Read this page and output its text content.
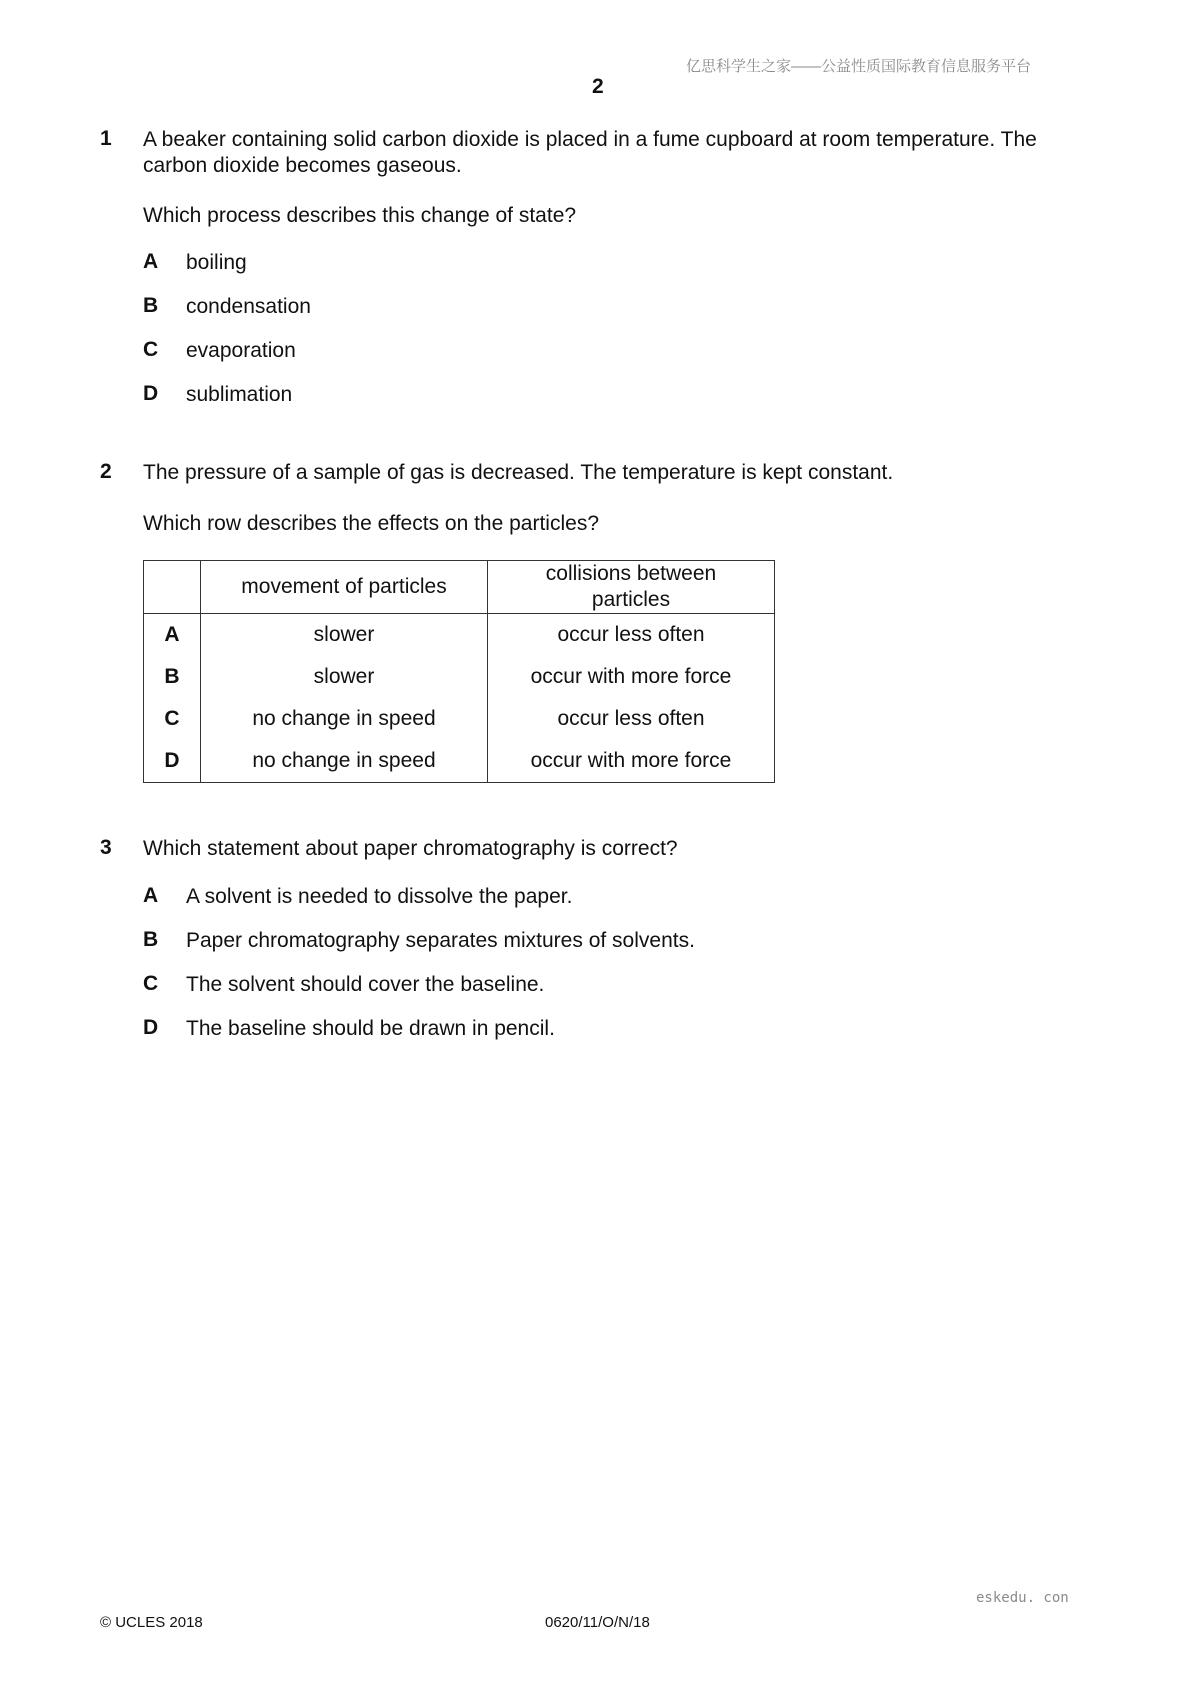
亿思科学生之家——公益性质国际教育信息服务平台
2
1 A beaker containing solid carbon dioxide is placed in a fume cupboard at room temperature. The
carbon dioxide becomes gaseous.
Which process describes this change of state?
A boiling
B condensation
C evaporation
D sublimation
2 The pressure of a sample of gas is decreased. The temperature is kept constant.
Which row describes the effects on the particles?
	movement of particles	collisions between
particles
A	slower	occur less often
B	slower	occur with more force
C	no change in speed	occur less often
D	no change in speed	occur with more force
3 Which statement about paper chromatography is correct?
A A solvent is needed to dissolve the paper.
B Paper chromatography separates mixtures of solvents.
C The solvent should cover the baseline.
D The baseline should be drawn in pencil.
eskedu. con
© UCLES 2018	0620/11/O/N/18
